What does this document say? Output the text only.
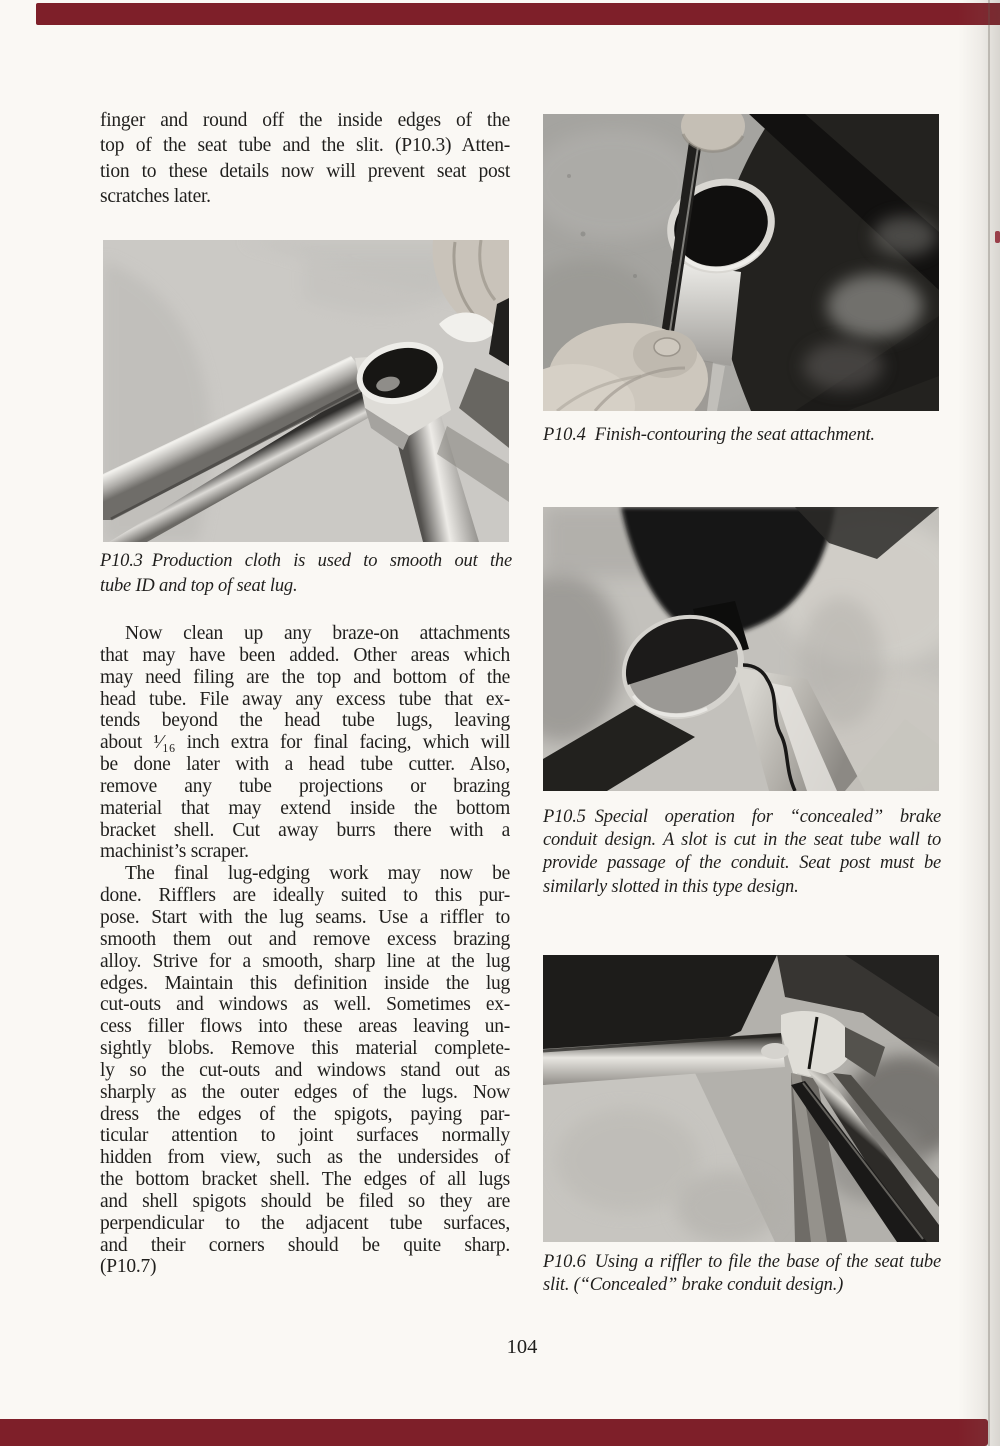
finger and round off the inside edges of the
top of the seat tube and the slit. (P10.3) Atten-
tion to these details now will prevent seat post
scratches later.
P10.3 Production cloth is used to smooth out the
tube ID and top of seat lug.
Now clean up any braze-on attachments
that may have been added. Other areas which
may need filing are the top and bottom of the
head tube. File away any excess tube that ex-
tends beyond the head tube lugs, leaving
about ¹⁄₁₆ inch extra for final facing, which will
be done later with a head tube cutter. Also,
remove any tube projections or brazing
material that may extend inside the bottom
bracket shell. Cut away burrs there with a
machinist’s scraper.
The final lug-edging work may now be
done. Rifflers are ideally suited to this pur-
pose. Start with the lug seams. Use a riffler to
smooth them out and remove excess brazing
alloy. Strive for a smooth, sharp line at the lug
edges. Maintain this definition inside the lug
cut-outs and windows as well. Sometimes ex-
cess filler flows into these areas leaving un-
sightly blobs. Remove this material complete-
ly so the cut-outs and windows stand out as
sharply as the outer edges of the lugs. Now
dress the edges of the spigots, paying par-
ticular attention to joint surfaces normally
hidden from view, such as the undersides of
the bottom bracket shell. The edges of all lugs
and shell spigots should be filed so they are
perpendicular to the adjacent tube surfaces,
and their corners should be quite sharp.
(P10.7)
P10.4 Finish-contouring the seat attachment.
P10.5 Special operation for “concealed” brake
conduit design. A slot is cut in the seat tube wall to
provide passage of the conduit. Seat post must be
similarly slotted in this type design.
P10.6 Using a riffler to file the base of the seat tube
slit. (“Concealed” brake conduit design.)
104
